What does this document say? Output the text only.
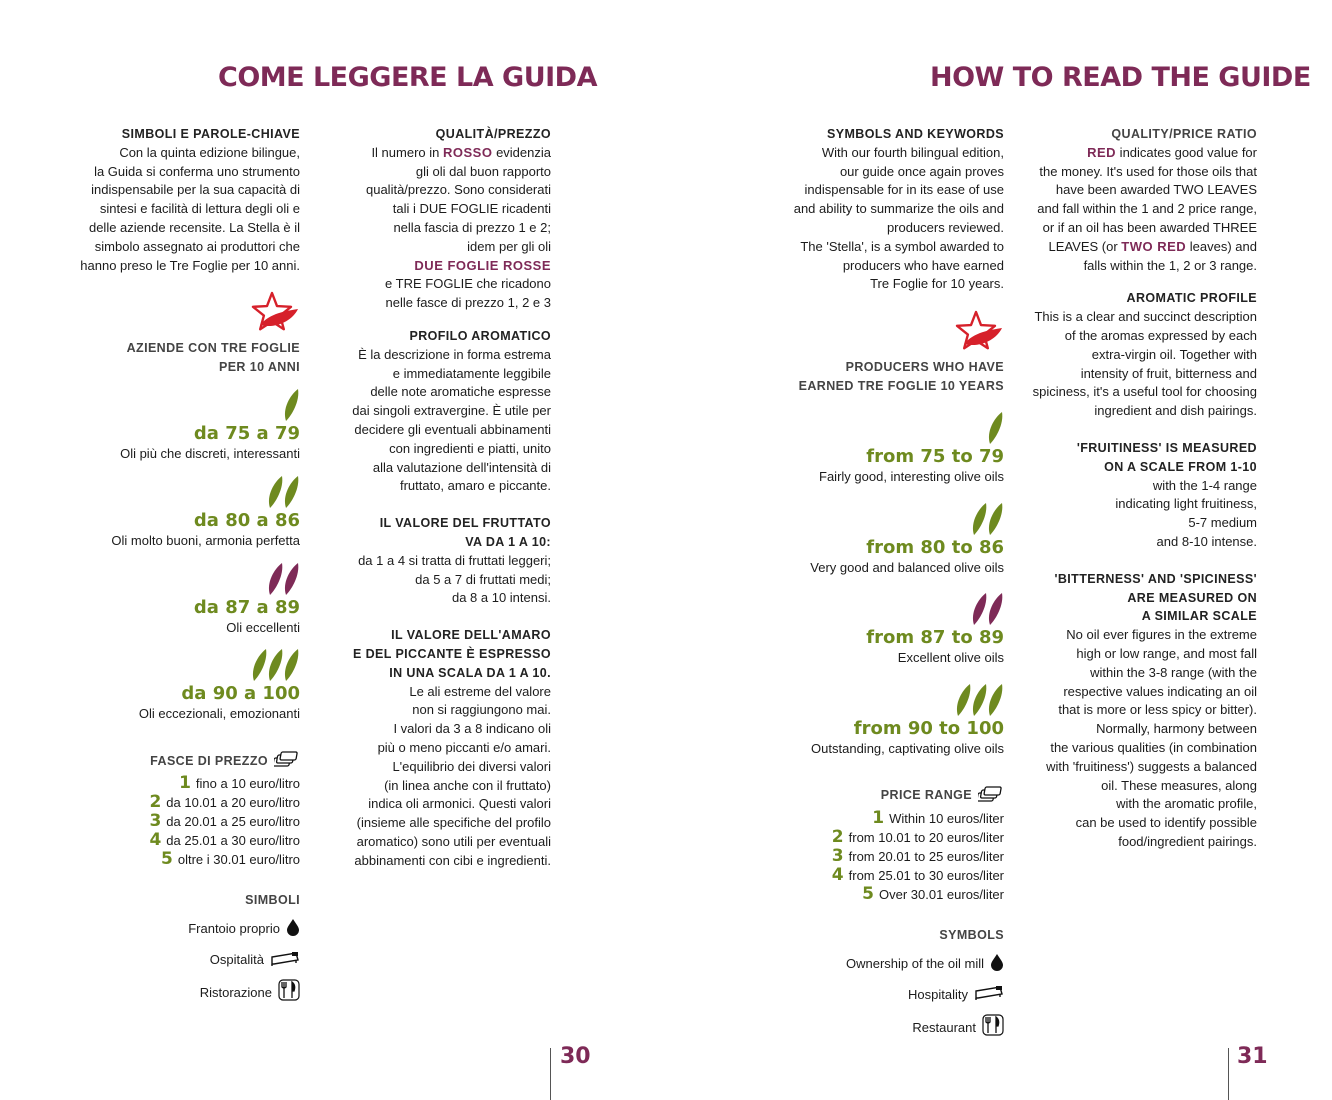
COME LEGGERE LA GUIDA
SIMBOLI E PAROLE-CHIAVE
Con la quinta edizione bilingue,
la Guida si conferma uno strumento
indispensabile per la sua capacità di
sintesi e facilità di lettura degli oli e
delle aziende recensite. La Stella è il
simbolo assegnato ai produttori che
hanno preso le Tre Foglie per 10 anni.
AZIENDE CON TRE FOGLIE
PER 10 ANNI
da 75 a 79
Oli più che discreti, interessanti
da 80 a 86
Oli molto buoni, armonia perfetta
da 87 a 89
Oli eccellenti
da 90 a 100
Oli eccezionali, emozionanti
FASCE DI PREZZO
1 fino a 10 euro/litro
2 da 10.01 a 20 euro/litro
3 da 20.01 a 25 euro/litro
4 da 25.01 a 30 euro/litro
5 oltre i 30.01 euro/litro
SIMBOLI
Frantoio proprio
Ospitalità
Ristorazione
QUALITÀ/PREZZO
Il numero in ROSSO evidenzia
gli oli dal buon rapporto
qualità/prezzo. Sono considerati
tali i DUE FOGLIE ricadenti
nella fascia di prezzo 1 e 2;
idem per gli oli
DUE FOGLIE ROSSE
e TRE FOGLIE che ricadono
nelle fasce di prezzo 1, 2 e 3
PROFILO AROMATICO
È la descrizione in forma estrema
e immediatamente leggibile
delle note aromatiche espresse
dai singoli extravergine. È utile per
decidere gli eventuali abbinamenti
con ingredienti e piatti, unito
alla valutazione dell'intensità di
fruttato, amaro e piccante.
IL VALORE DEL FRUTTATO
VA DA 1 A 10:
da 1 a 4 si tratta di fruttati leggeri;
da 5 a 7 di fruttati medi;
da 8 a 10 intensi.
IL VALORE DELL'AMARO
E DEL PICCANTE È ESPRESSO
IN UNA SCALA DA 1 A 10.
Le ali estreme del valore
non si raggiungono mai.
I valori da 3 a 8 indicano oli
più o meno piccanti e/o amari.
L'equilibrio dei diversi valori
(in linea anche con il fruttato)
indica oli armonici. Questi valori
(insieme alle specifiche del profilo
aromatico) sono utili per eventuali
abbinamenti con cibi e ingredienti.
30
HOW TO READ THE GUIDE
SYMBOLS AND KEYWORDS
With our fourth bilingual edition,
our guide once again proves
indispensable for in its ease of use
and ability to summarize the oils and
producers reviewed.
The 'Stella', is a symbol awarded to
producers who have earned
Tre Foglie for 10 years.
PRODUCERS WHO HAVE
EARNED TRE FOGLIE 10 YEARS
from 75 to 79
Fairly good, interesting olive oils
from 80 to 86
Very good and balanced olive oils
from 87 to 89
Excellent olive oils
from 90 to 100
Outstanding, captivating olive oils
PRICE RANGE
1 Within 10 euros/liter
2 from 10.01 to 20 euros/liter
3 from 20.01 to 25 euros/liter
4 from 25.01 to 30 euros/liter
5 Over 30.01 euros/liter
SYMBOLS
Ownership of the oil mill
Hospitality
Restaurant
QUALITY/PRICE RATIO
RED indicates good value for
the money. It's used for those oils that
have been awarded TWO LEAVES
and fall within the 1 and 2 price range,
or if an oil has been awarded THREE
LEAVES (or TWO RED leaves) and
falls within the 1, 2 or 3 range.
AROMATIC PROFILE
This is a clear and succinct description
of the aromas expressed by each
extra-virgin oil. Together with
intensity of fruit, bitterness and
spiciness, it's a useful tool for choosing
ingredient and dish pairings.
'FRUITINESS' IS MEASURED
ON A SCALE FROM 1-10
with the 1-4 range
indicating light fruitiness,
5-7 medium
and 8-10 intense.
'BITTERNESS' AND 'SPICINESS'
ARE MEASURED ON
A SIMILAR SCALE
No oil ever figures in the extreme
high or low range, and most fall
within the 3-8 range (with the
respective values indicating an oil
that is more or less spicy or bitter).
Normally, harmony between
the various qualities (in combination
with 'fruitiness') suggests a balanced
oil. These measures, along
with the aromatic profile,
can be used to identify possible
food/ingredient pairings.
31
